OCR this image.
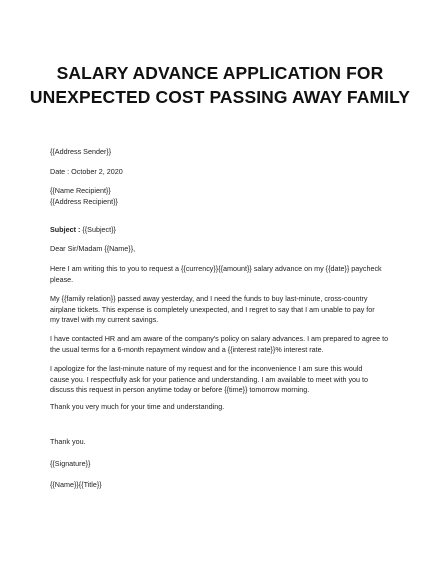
SALARY ADVANCE APPLICATION FOR
UNEXPECTED COST PASSING AWAY FAMILY
{{Address Sender}}
Date : October 2, 2020
{{Name Recipient}}
{{Address Recipient}}
Subject : {{Subject}}
Dear Sir/Madam {{Name}},
Here I am writing this to you to request a {{currency}}{{amount}} salary advance on my {{date}} paycheck
please.
My {{family relation}} passed away yesterday, and I need the funds to buy last-minute, cross-country
airplane tickets. This expense is completely unexpected, and I regret to say that I am unable to pay for
my travel with my current savings.
I have contacted HR and am aware of the company's policy on salary advances. I am prepared to agree to
the usual terms for a 6-month repayment window and a {{interest rate}}% interest rate.
I apologize for the last-minute nature of my request and for the inconvenience I am sure this would
cause you. I respectfully ask for your patience and understanding. I am available to meet with you to
discuss this request in person anytime today or before {{time}} tomorrow morning.
Thank you very much for your time and understanding.
Thank you.
{{Signature}}
{{Name}}{{Title}}
